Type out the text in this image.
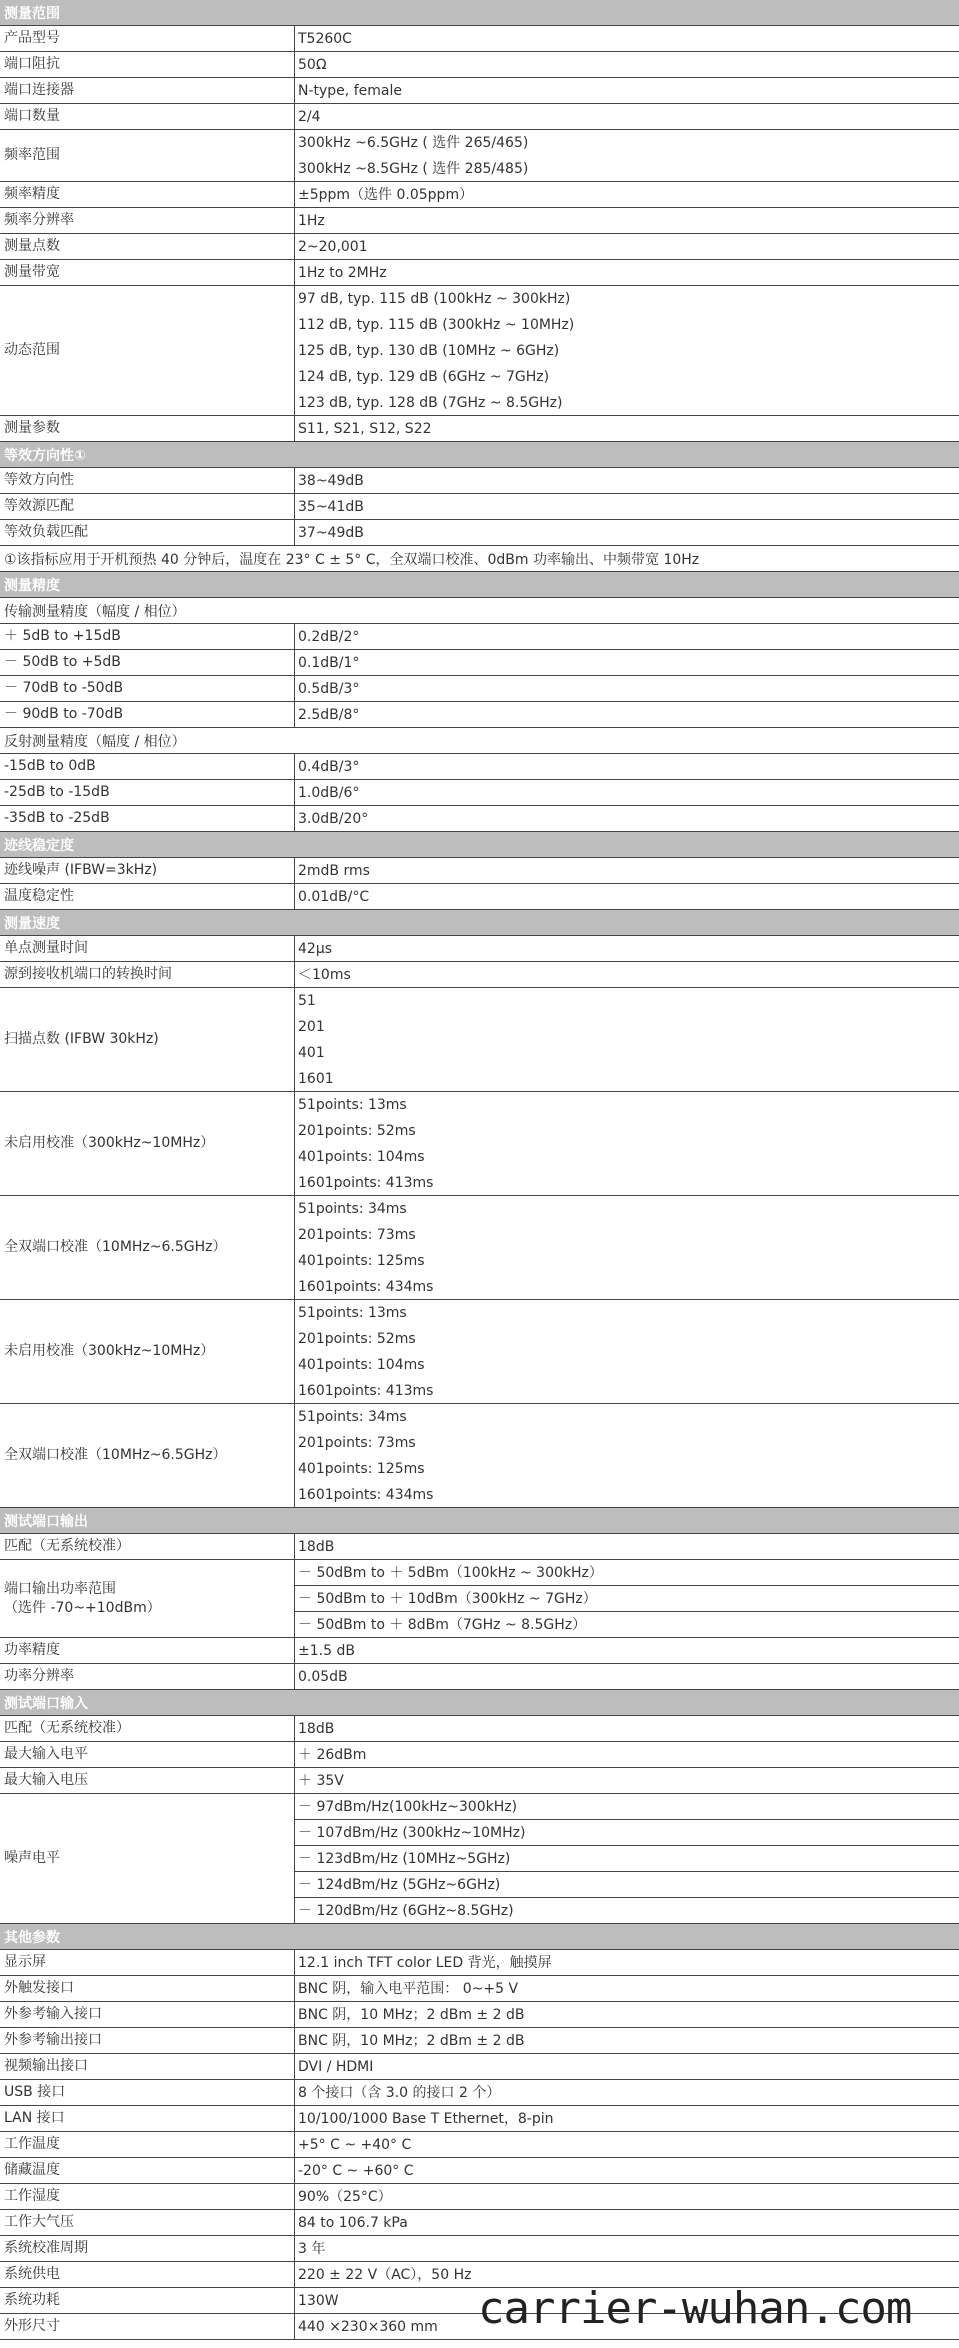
测量范围
产品型号	T5260C
端口阻抗	50Ω
端口连接器	N-type, female
端口数量	2/4
频率范围
300kHz ~6.5GHz ( 选件 265/465)
300kHz ~8.5GHz ( 选件 285/485)
频率精度	±5ppm（选件 0.05ppm）
频率分辨率	1Hz
测量点数	2~20,001
测量带宽	1Hz to 2MHz
动态范围
97 dB, typ. 115 dB (100kHz ~ 300kHz)
112 dB, typ. 115 dB (300kHz ~ 10MHz)
125 dB, typ. 130 dB (10MHz ~ 6GHz)
124 dB, typ. 129 dB (6GHz ~ 7GHz)
123 dB, typ. 128 dB (7GHz ~ 8.5GHz)
测量参数	S11, S21, S12, S22
等效方向性①
等效方向性	38~49dB
等效源匹配	35~41dB
等效负载匹配	37~49dB
①该指标应用于开机预热 40 分钟后，温度在 23° C ± 5° C，全双端口校准、0dBm 功率输出、中频带宽 10Hz
测量精度
传输测量精度（幅度 / 相位）
＋ 5dB to +15dB	0.2dB/2°
－ 50dB to +5dB	0.1dB/1°
－ 70dB to -50dB	0.5dB/3°
－ 90dB to -70dB	2.5dB/8°
反射测量精度（幅度 / 相位）
-15dB to 0dB	0.4dB/3°
-25dB to -15dB	1.0dB/6°
-35dB to -25dB	3.0dB/20°
迹线稳定度
迹线噪声 (IFBW=3kHz)	2mdB rms
温度稳定性	0.01dB/°C
测量速度
单点测量时间	42μs
源到接收机端口的转换时间	＜10ms
扫描点数 (IFBW 30kHz)
51
201
401
1601
未启用校准（300kHz~10MHz）
51points: 13ms
201points: 52ms
401points: 104ms
1601points: 413ms
全双端口校准（10MHz~6.5GHz）
51points: 34ms
201points: 73ms
401points: 125ms
1601points: 434ms
未启用校准（300kHz~10MHz）
51points: 13ms
201points: 52ms
401points: 104ms
1601points: 413ms
全双端口校准（10MHz~6.5GHz）
51points: 34ms
201points: 73ms
401points: 125ms
1601points: 434ms
测试端口输出
匹配（无系统校准）	18dB
端口输出功率范围
（选件 -70~+10dBm）
－ 50dBm to ＋ 5dBm（100kHz ~ 300kHz）
－ 50dBm to ＋ 10dBm（300kHz ~ 7GHz）
－ 50dBm to ＋ 8dBm（7GHz ~ 8.5GHz）
功率精度	±1.5 dB
功率分辨率	0.05dB
测试端口输入
匹配（无系统校准）	18dB
最大输入电平	＋ 26dBm
最大输入电压	＋ 35V
噪声电平
－ 97dBm/Hz(100kHz~300kHz)
－ 107dBm/Hz (300kHz~10MHz)
－ 123dBm/Hz (10MHz~5GHz)
－ 124dBm/Hz (5GHz~6GHz)
－ 120dBm/Hz (6GHz~8.5GHz)
其他参数
显示屏	12.1 inch TFT color LED 背光，触摸屏
外触发接口	BNC 阴，输入电平范围： 0~+5 V
外参考输入接口	BNC 阴，10 MHz；2 dBm ± 2 dB
外参考输出接口	BNC 阴，10 MHz；2 dBm ± 2 dB
视频输出接口	DVI / HDMI
USB 接口	8 个接口（含 3.0 的接口 2 个）
LAN 接口	10/100/1000 Base T Ethernet，8-pin
工作温度	+5° C ~ +40° C
储藏温度	-20° C ~ +60° C
工作湿度	90%（25°C）
工作大气压	84 to 106.7 kPa
系统校准周期	3 年
系统供电	220 ± 22 V（AC），50 Hz
系统功耗	130W
外形尺寸	440 ×230×360 mm carrier-wuhan.com
